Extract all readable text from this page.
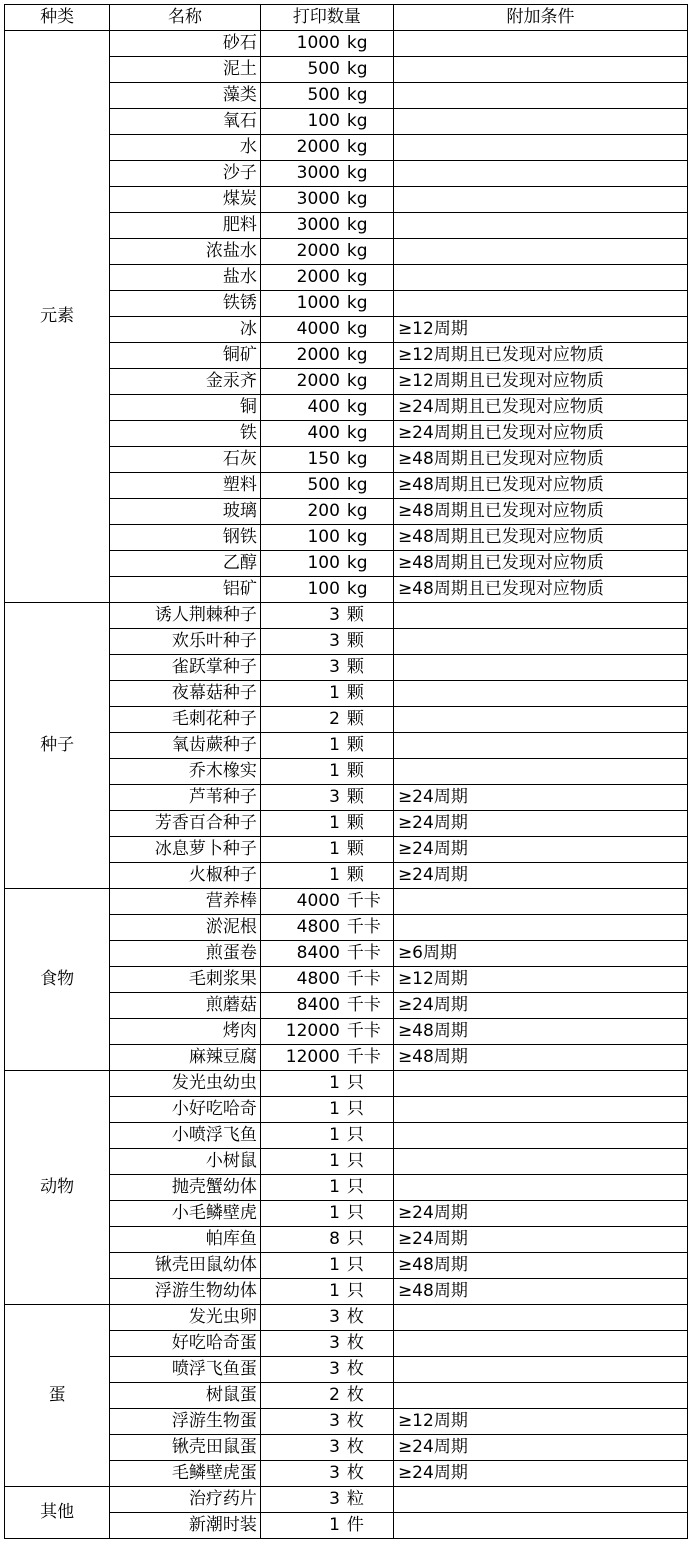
种类	名称	打印数量		附加条件
元素	砂石	1000	kg	
	泥土	500	kg	
	藻类	500	kg	
	氧石	100	kg	
	水	2000	kg	
	沙子	3000	kg	
	煤炭	3000	kg	
	肥料	3000	kg	
	浓盐水	2000	kg	
	盐水	2000	kg	
	铁锈	1000	kg	
	冰	4000	kg	≥12周期
	铜矿	2000	kg	≥12周期且已发现对应物质
	金汞齐	2000	kg	≥12周期且已发现对应物质
	铜	400	kg	≥24周期且已发现对应物质
	铁	400	kg	≥24周期且已发现对应物质
	石灰	150	kg	≥48周期且已发现对应物质
	塑料	500	kg	≥48周期且已发现对应物质
	玻璃	200	kg	≥48周期且已发现对应物质
	钢铁	100	kg	≥48周期且已发现对应物质
	乙醇	100	kg	≥48周期且已发现对应物质
	铝矿	100	kg	≥48周期且已发现对应物质
种子	诱人荆棘种子	3	颗	
	欢乐叶种子	3	颗	
	雀跃掌种子	3	颗	
	夜幕菇种子	1	颗	
	毛刺花种子	2	颗	
	氧齿蕨种子	1	颗	
	乔木橡实	1	颗	
	芦苇种子	3	颗	≥24周期
	芳香百合种子	1	颗	≥24周期
	冰息萝卜种子	1	颗	≥24周期
	火椒种子	1	颗	≥24周期
食物	营养棒	4000	千卡	
	淤泥根	4800	千卡	
	煎蛋卷	8400	千卡	≥6周期
	毛刺浆果	4800	千卡	≥12周期
	煎蘑菇	8400	千卡	≥24周期
	烤肉	12000	千卡	≥48周期
	麻辣豆腐	12000	千卡	≥48周期
动物	发光虫幼虫	1	只	
	小好吃哈奇	1	只	
	小喷浮飞鱼	1	只	
	小树鼠	1	只	
	抛壳蟹幼体	1	只	
	小毛鳞壁虎	1	只	≥24周期
	帕库鱼	8	只	≥24周期
	锹壳田鼠幼体	1	只	≥48周期
	浮游生物幼体	1	只	≥48周期
蛋	发光虫卵	3	枚	
	好吃哈奇蛋	3	枚	
	喷浮飞鱼蛋	3	枚	
	树鼠蛋	2	枚	
	浮游生物蛋	3	枚	≥12周期
	锹壳田鼠蛋	3	枚	≥24周期
	毛鳞壁虎蛋	3	枚	≥24周期
其他	治疗药片	3	粒	
	新潮时装	1	件	
